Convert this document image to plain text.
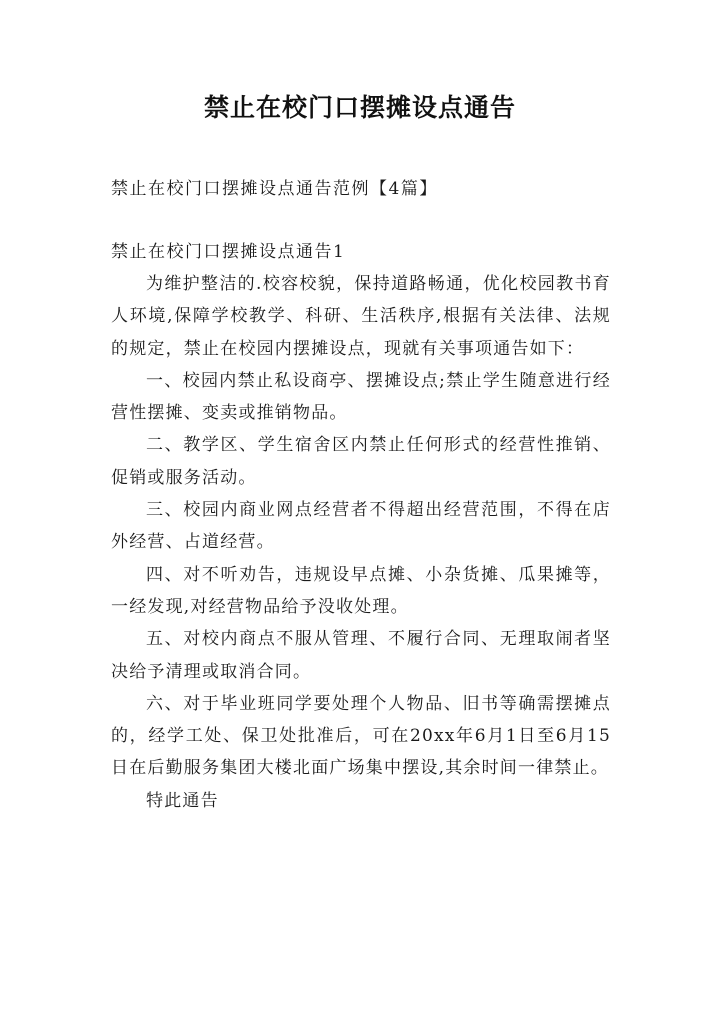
禁止在校门口摆摊设点通告
禁止在校门口摆摊设点通告范例【4篇】
禁止在校门口摆摊设点通告1

为维护整洁的.校容校貌，保持道路畅通，优化校园教书育人环境,保障学校教学、科研、生活秩序,根据有关法律、法规的规定，禁止在校园内摆摊设点，现就有关事项通告如下：

一、校园内禁止私设商亭、摆摊设点;禁止学生随意进行经营性摆摊、变卖或推销物品。

二、教学区、学生宿舍区内禁止任何形式的经营性推销、促销或服务活动。

三、校园内商业网点经营者不得超出经营范围，不得在店外经营、占道经营。

四、对不听劝告，违规设早点摊、小杂货摊、瓜果摊等，一经发现,对经营物品给予没收处理。

五、对校内商点不服从管理、不履行合同、无理取闹者坚决给予清理或取消合同。

六、对于毕业班同学要处理个人物品、旧书等确需摆摊点的，经学工处、保卫处批准后，可在20xx年6月1日至6月15日在后勤服务集团大楼北面广场集中摆设,其余时间一律禁止。

特此通告
